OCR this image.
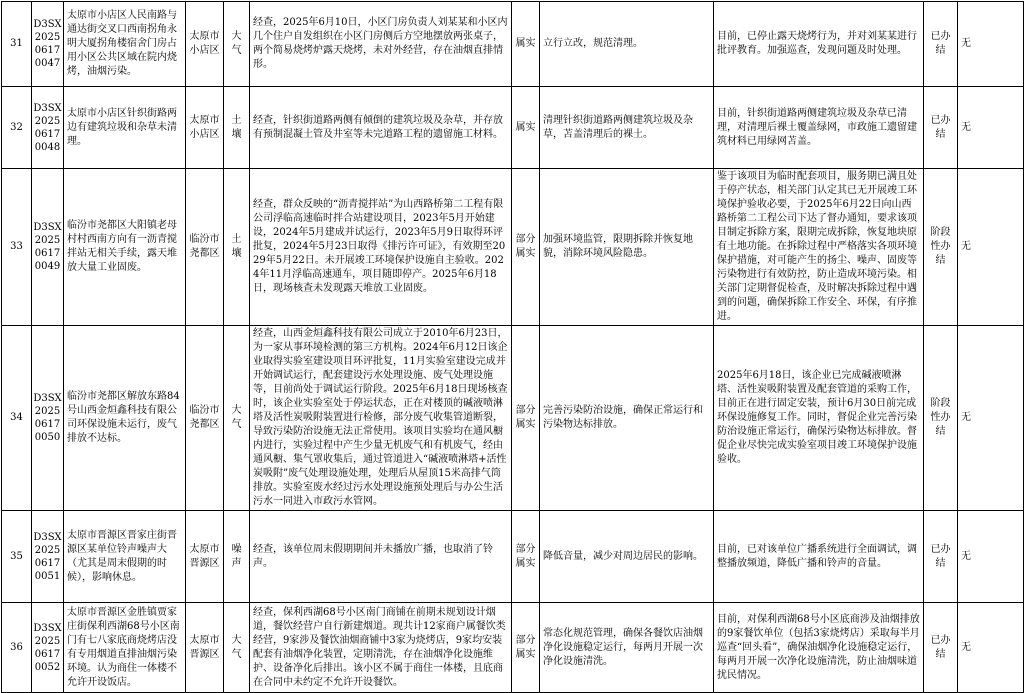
31	D3SX202506170047	太原市小店区人民南路与通达街交叉口西南拐角永明大厦拐角楼宿舍门房占用小区公共区域在院内烧烤，油烟污染。	太原市小店区	大气	经查，2025年6月10日，小区门房负责人刘某某和小区内几个住户自发组织在小区门房侧后方空地摆放两张桌子，两个简易烧烤炉露天烧烤，未对外经营，存在油烟直排情形。	属实	立行立改，规范清理。	目前，已停止露天烧烤行为，并对刘某某进行批评教育。加强巡查，发现问题及时处理。	已办结	无
32	D3SX202506170048	太原市小店区针织街路两边有建筑垃圾和杂草未清理。	太原市小店区	土壤	经查，针织街道路两侧有倾倒的建筑垃圾及杂草，并存放有预制混凝土管及井室等未完道路工程的遗留施工材料。	属实	清理针织街道路两侧建筑垃圾及杂草，苫盖清理后的裸土。	目前，针织街道路两侧建筑垃圾及杂草已清理，对清理后裸土覆盖绿网，市政施工遗留建筑材料已用绿网苫盖。	已办结	无
33	D3SX202506170049	临汾市尧都区大阳镇老母村村西南方向有一沥青搅拌站无相关手续，露天堆放大量工业固废。	临汾市尧都区	土壤	经查，群众反映的“沥青搅拌站”为山西路桥第二工程有限公司浮临高速临时拌合站建设项目，2023年5月开始建设，2024年5月建成并试运行，2023年5月9日取得环评批复，2024年5月23日取得《排污许可证》，有效期至2029年5月22日。未开展竣工环境保护设施自主验收。2024年11月浮临高速通车，项目随即停产。2025年6月18日，现场核查未发现露天堆放工业固废。	部分属实	加强环境监管，限期拆除并恢复地貌，消除环境风险隐患。	鉴于该项目为临时配套项目，服务期已满且处于停产状态，相关部门认定其已无开展竣工环境保护验收必要，于2025年6月22日向山西路桥第二工程公司下达了督办通知，要求该项目制定拆除方案，限期完成拆除，恢复地块原有土地功能。在拆除过程中严格落实各项环境保护措施，对可能产生的扬尘、噪声、固废等污染物进行有效防控，防止造成环境污染。相关部门定期督促检查，及时解决拆除过程中遇到的问题，确保拆除工作安全、环保，有序推进。	阶段性办结	无
34	D3SX202506170050	临汾市尧都区解放东路84号山西金烜鑫科技有限公司环保设施未运行，废气排放不达标。	临汾市尧都区	大气	经查，山西金烜鑫科技有限公司成立于2010年6月23日，为一家从事环境检测的第三方机构。2024年6月12日该企业取得实验室建设项目环评批复，11月实验室建设完成并开始调试运行，配套建设污水处理设施、废气处理设施等，目前尚处于调试运行阶段。2025年6月18日现场核查时，该企业实验室处于停运状态，正在对楼顶的碱液喷淋塔及活性炭吸附装置进行检修，部分废气收集管道断裂，导致污染防治设施无法正常使用。该项目实验均在通风橱内进行，实验过程中产生少量无机废气和有机废气，经由通风橱、集气罩收集后，通过管道进入“碱液喷淋塔+活性炭吸附”废气处理设施处理，处理后从屋顶15米高排气筒排放。实验室废水经过污水处理设施预处理后与办公生活污水一同进入市政污水管网。	部分属实	完善污染防治设施，确保正常运行和污染物达标排放。	2025年6月18日，该企业已完成碱液喷淋塔、活性炭吸附装置及配套管道的采购工作，目前正在进行固定安装，预计6月30日前完成环保设施修复工作。同时，督促企业完善污染防治设施正常运行，确保污染物达标排放。督促企业尽快完成实验室项目竣工环境保护设施验收。	阶段性办结	无
35	D3SX202506170051	太原市晋源区晋家庄街晋源区某单位铃声噪声大（尤其是周末假期的时候），影响休息。	太原市晋源区	噪声	经查，该单位周末假期期间并未播放广播，也取消了铃声。	部分属实	降低音量，减少对周边居民的影响。	目前，已对该单位广播系统进行全面调试，调整播放频道，降低广播和铃声的音量。	已办结	无
36	D3SX202506170052	太原市晋源区金胜镇贾家庄街保利西湖68号小区南门有七八家底商烧烤店没有专用烟道直排油烟污染环境。认为商住一体楼不允许开设饭店。	太原市晋源区	大气	经查，保利西湖68号小区南门商铺在前期未规划设计烟道，餐饮经营户自行新建烟道。现共计12家商户属餐饮类经营，9家涉及餐饮油烟商铺中3家为烧烤店，9家均安装配套有油烟净化装置，定期清洗，存在油烟净化设施维护、设备净化后排出。该小区不属于商住一体楼，且底商在合同中未约定不允许开设餐饮。	部分属实	常态化规范管理，确保各餐饮店油烟净化设施稳定运行，每两月开展一次净化设施清洗。	目前，对保利西湖68号小区底商涉及油烟排放的9家餐饮单位（包括3家烧烤店）采取每半月巡查“回头看”，确保油烟净化设施稳定运行，每两月开展一次净化设施清洗，防止油烟味道扰民情况。	已办结	无
